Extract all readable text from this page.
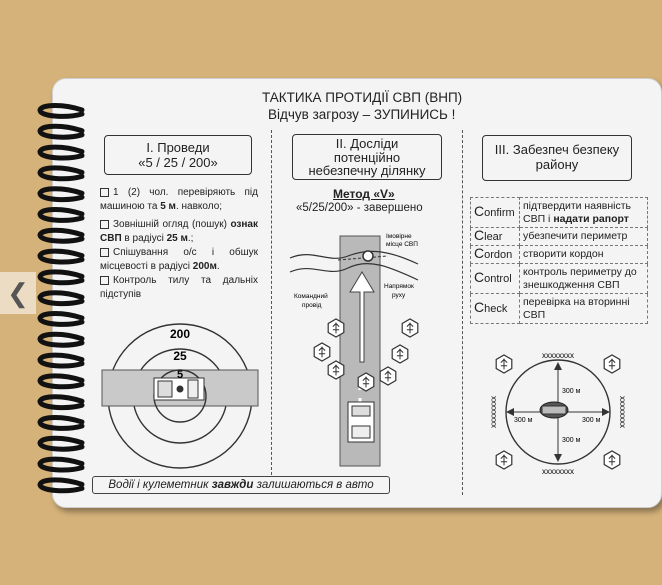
❮
ТАКТИКА ПРОТИДІЇ СВП (ВНП)
Відчув загрозу – ЗУПИНИСЬ !
I. Проведи
«5 / 25 / 200»
1 (2) чол. перевіряють під машиною та 5 м. навколо;
Зовнішній огляд (пошук) ознак СВП в радіусі 25 м.;
Спішування о/с і обшук місцевості в радіусі 200м.
Контроль тилу та дальніх підступів
200
25
5
II. Досліди
потенційно
небезпечну ділянку
Метод «V»
«5/25/200» - завершено
Імовірне
місце СВП
Командний
провід
Напрямок
руху
III. Забезпеч безпеку
району
Confirm	підтвердити наявність СВП і надати рапорт
Clear	убезпечити периметр
Cordon	створити кордон
Control	контроль периметру до знешкодження СВП
Check	перевірка на вторинні СВП
300 м
300 м	300 м
300 м
xxxxxxxx
xxxxxxxx
xxxxxxxx	xxxxxxxx
Водії і кулеметник завжди залишаються в авто
